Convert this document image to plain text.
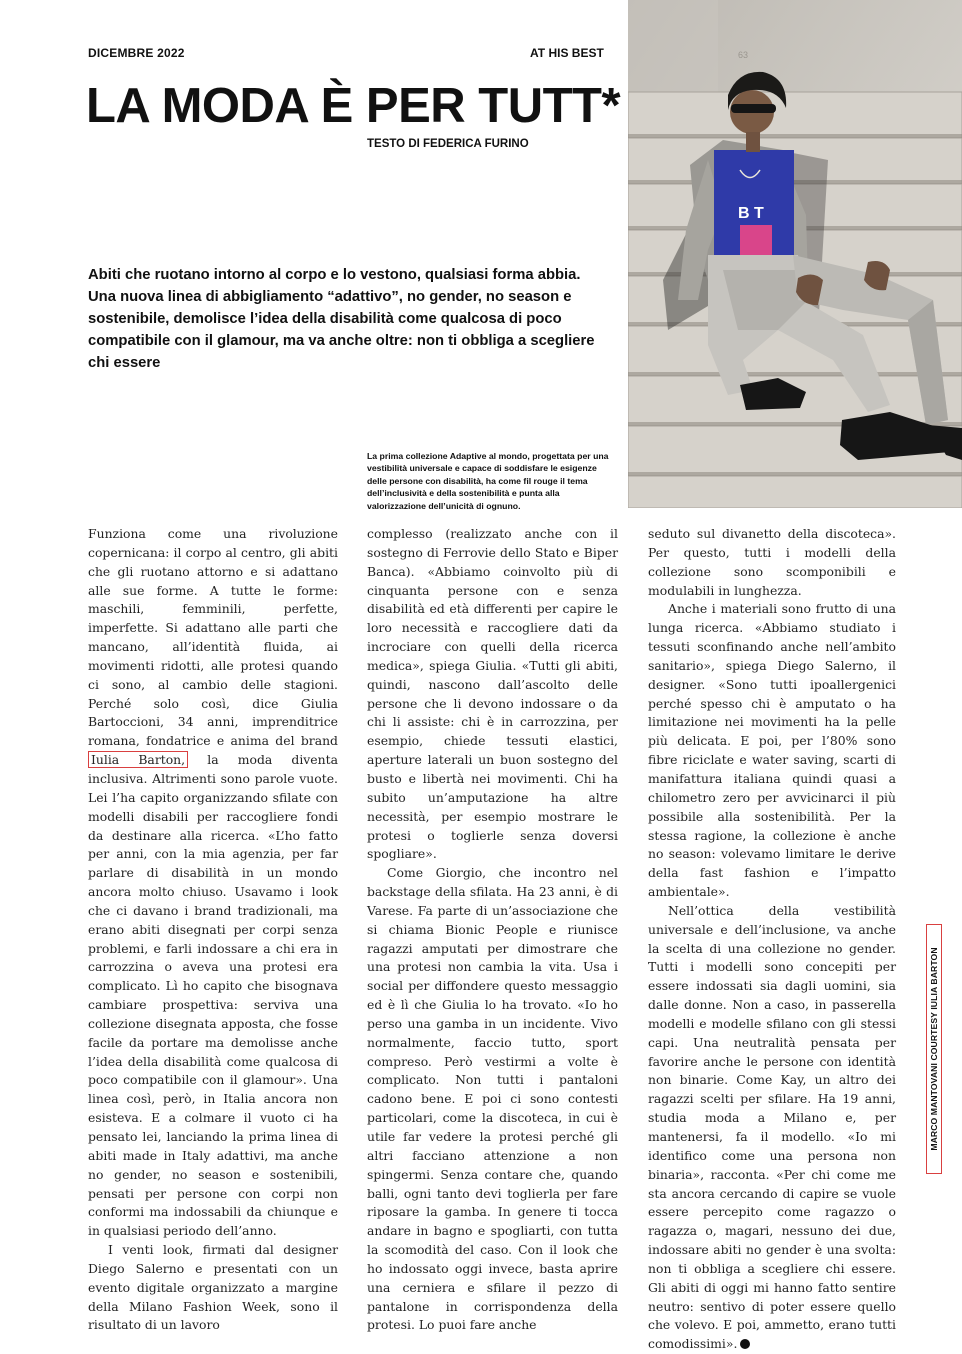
DICEMBRE 2022	AT HIS BEST
LA MODA È PER TUTT*
TESTO DI FEDERICA FURINO
63
B T
Abiti che ruotano intorno al corpo e lo vestono, qualsiasi forma abbia. Una nuova linea di abbigliamento “adattivo”, no gender, no season e sostenibile, demolisce l’idea della disabilità come qualcosa di poco compatibile con il glamour, ma va anche oltre: non ti obbliga a scegliere chi essere
La prima collezione Adaptive al mondo, progettata per una vestibilità universale e capace di soddisfare le esigenze delle persone con disabilità, ha come fil rouge il tema dell’inclusività e della sostenibilità e punta alla valorizzazione dell’unicità di ognuno.

Funziona come una rivoluzione copernicana: il corpo al centro, gli abiti che gli ruotano attorno e si adattano alle sue forme. A tutte le forme: maschili, femminili, perfette, imperfette. Si adattano alle parti che mancano, all’identità fluida, ai movimenti ridotti, alle protesi quando ci sono, al cambio delle stagioni. Perché solo così, dice Giulia Bartoccioni, 34 anni, imprenditrice romana, fondatrice e anima del brand Iulia Barton, la moda diventa inclusiva. Altrimenti sono parole vuote. Lei l’ha capito organizzando sfilate con modelli disabili per raccogliere fondi da destinare alla ricerca. «L’ho fatto per anni, con la mia agenzia, per far parlare di disabilità in un mondo ancora molto chiuso. Usavamo i look che ci davano i brand tradizionali, ma erano abiti disegnati per corpi senza problemi, e farli indossare a chi era in carrozzina o aveva una protesi era complicato. Lì ho capito che bisognava cambiare prospettiva: serviva una collezione disegnata apposta, che fosse facile da portare ma demolisse anche l’idea della disabilità come qualcosa di poco compatibile con il glamour». Una linea così, però, in Italia ancora non esisteva. E a colmare il vuoto ci ha pensato lei, lanciando la prima linea di abiti made in Italy adattivi, ma anche no gender, no season e sostenibili, pensati per persone con corpi non conformi ma indossabili da chiunque e in qualsiasi periodo dell’anno.

I venti look, firmati dal designer Diego Salerno e presentati con un evento digitale organizzato a margine della Milano Fashion Week, sono il risultato di un lavoro

complesso (realizzato anche con il sostegno di Ferrovie dello Stato e Biper Banca). «Abbiamo coinvolto più di cinquanta persone con e senza disabilità ed età differenti per capire le loro necessità e raccogliere dati da incrociare con quelli della ricerca medica», spiega Giulia. «Tutti gli abiti, quindi, nascono dall’ascolto delle persone che li devono indossare o da chi li assiste: chi è in carrozzina, per esempio, chiede tessuti elastici, aperture laterali un buon sostegno del busto e libertà nei movimenti. Chi ha subito un’amputazione ha altre necessità, per esempio mostrare le protesi o toglierle senza doversi spogliare».

Come Giorgio, che incontro nel backstage della sfilata. Ha 23 anni, è di Varese. Fa parte di un’associazione che si chiama Bionic People e riunisce ragazzi amputati per dimostrare che una protesi non cambia la vita. Usa i social per diffondere questo messaggio ed è lì che Giulia lo ha trovato. «Io ho perso una gamba in un incidente. Vivo normalmente, faccio tutto, sport compreso. Però vestirmi a volte è complicato. Non tutti i pantaloni cadono bene. E poi ci sono contesti particolari, come la discoteca, in cui è utile far vedere la protesi perché gli altri facciano attenzione a non spingermi. Senza contare che, quando balli, ogni tanto devi toglierla per fare riposare la gamba. In genere ti tocca andare in bagno e spogliarti, con tutta la scomodità del caso. Con il look che ho indossato oggi invece, basta aprire una cerniera e sfilare il pezzo di pantalone in corrispondenza della protesi. Lo puoi fare anche

seduto sul divanetto della discoteca». Per questo, tutti i modelli della collezione sono scomponibili e modulabili in lunghezza.

Anche i materiali sono frutto di una lunga ricerca. «Abbiamo studiato i tessuti sconfinando anche nell’ambito sanitario», spiega Diego Salerno, il designer. «Sono tutti ipoallergenici perché spesso chi è amputato o ha limitazione nei movimenti ha la pelle più delicata. E poi, per l’80% sono fibre riciclate e water saving, scarti di manifattura italiana quindi quasi a chilometro zero per avvicinarci il più possibile alla sostenibilità. Per la stessa ragione, la collezione è anche no season: volevamo limitare le derive della fast fashion e l’impatto ambientale».

Nell’ottica della vestibilità universale e dell’inclusione, va anche la scelta di una collezione no gender. Tutti i modelli sono concepiti per essere indossati sia dagli uomini, sia dalle donne. Non a caso, in passerella modelli e modelle sfilano con gli stessi capi. Una neutralità pensata per favorire anche le persone con identità non binarie. Come Kay, un altro dei ragazzi scelti per sfilare. Ha 19 anni, studia moda a Milano e, per mantenersi, fa il modello. «Io mi identifico come una persona non binaria», racconta. «Per chi come me sta ancora cercando di capire se vuole essere percepito come ragazzo o ragazza o, magari, nessuno dei due, indossare abiti no gender è una svolta: non ti obbliga a scegliere chi essere. Gli abiti di oggi mi hanno fatto sentire neutro: sentivo di poter essere quello che volevo. E poi, ammetto, erano tutti comodissimi».

MARCO MANTOVANI COURTESY IULIA BARTON
